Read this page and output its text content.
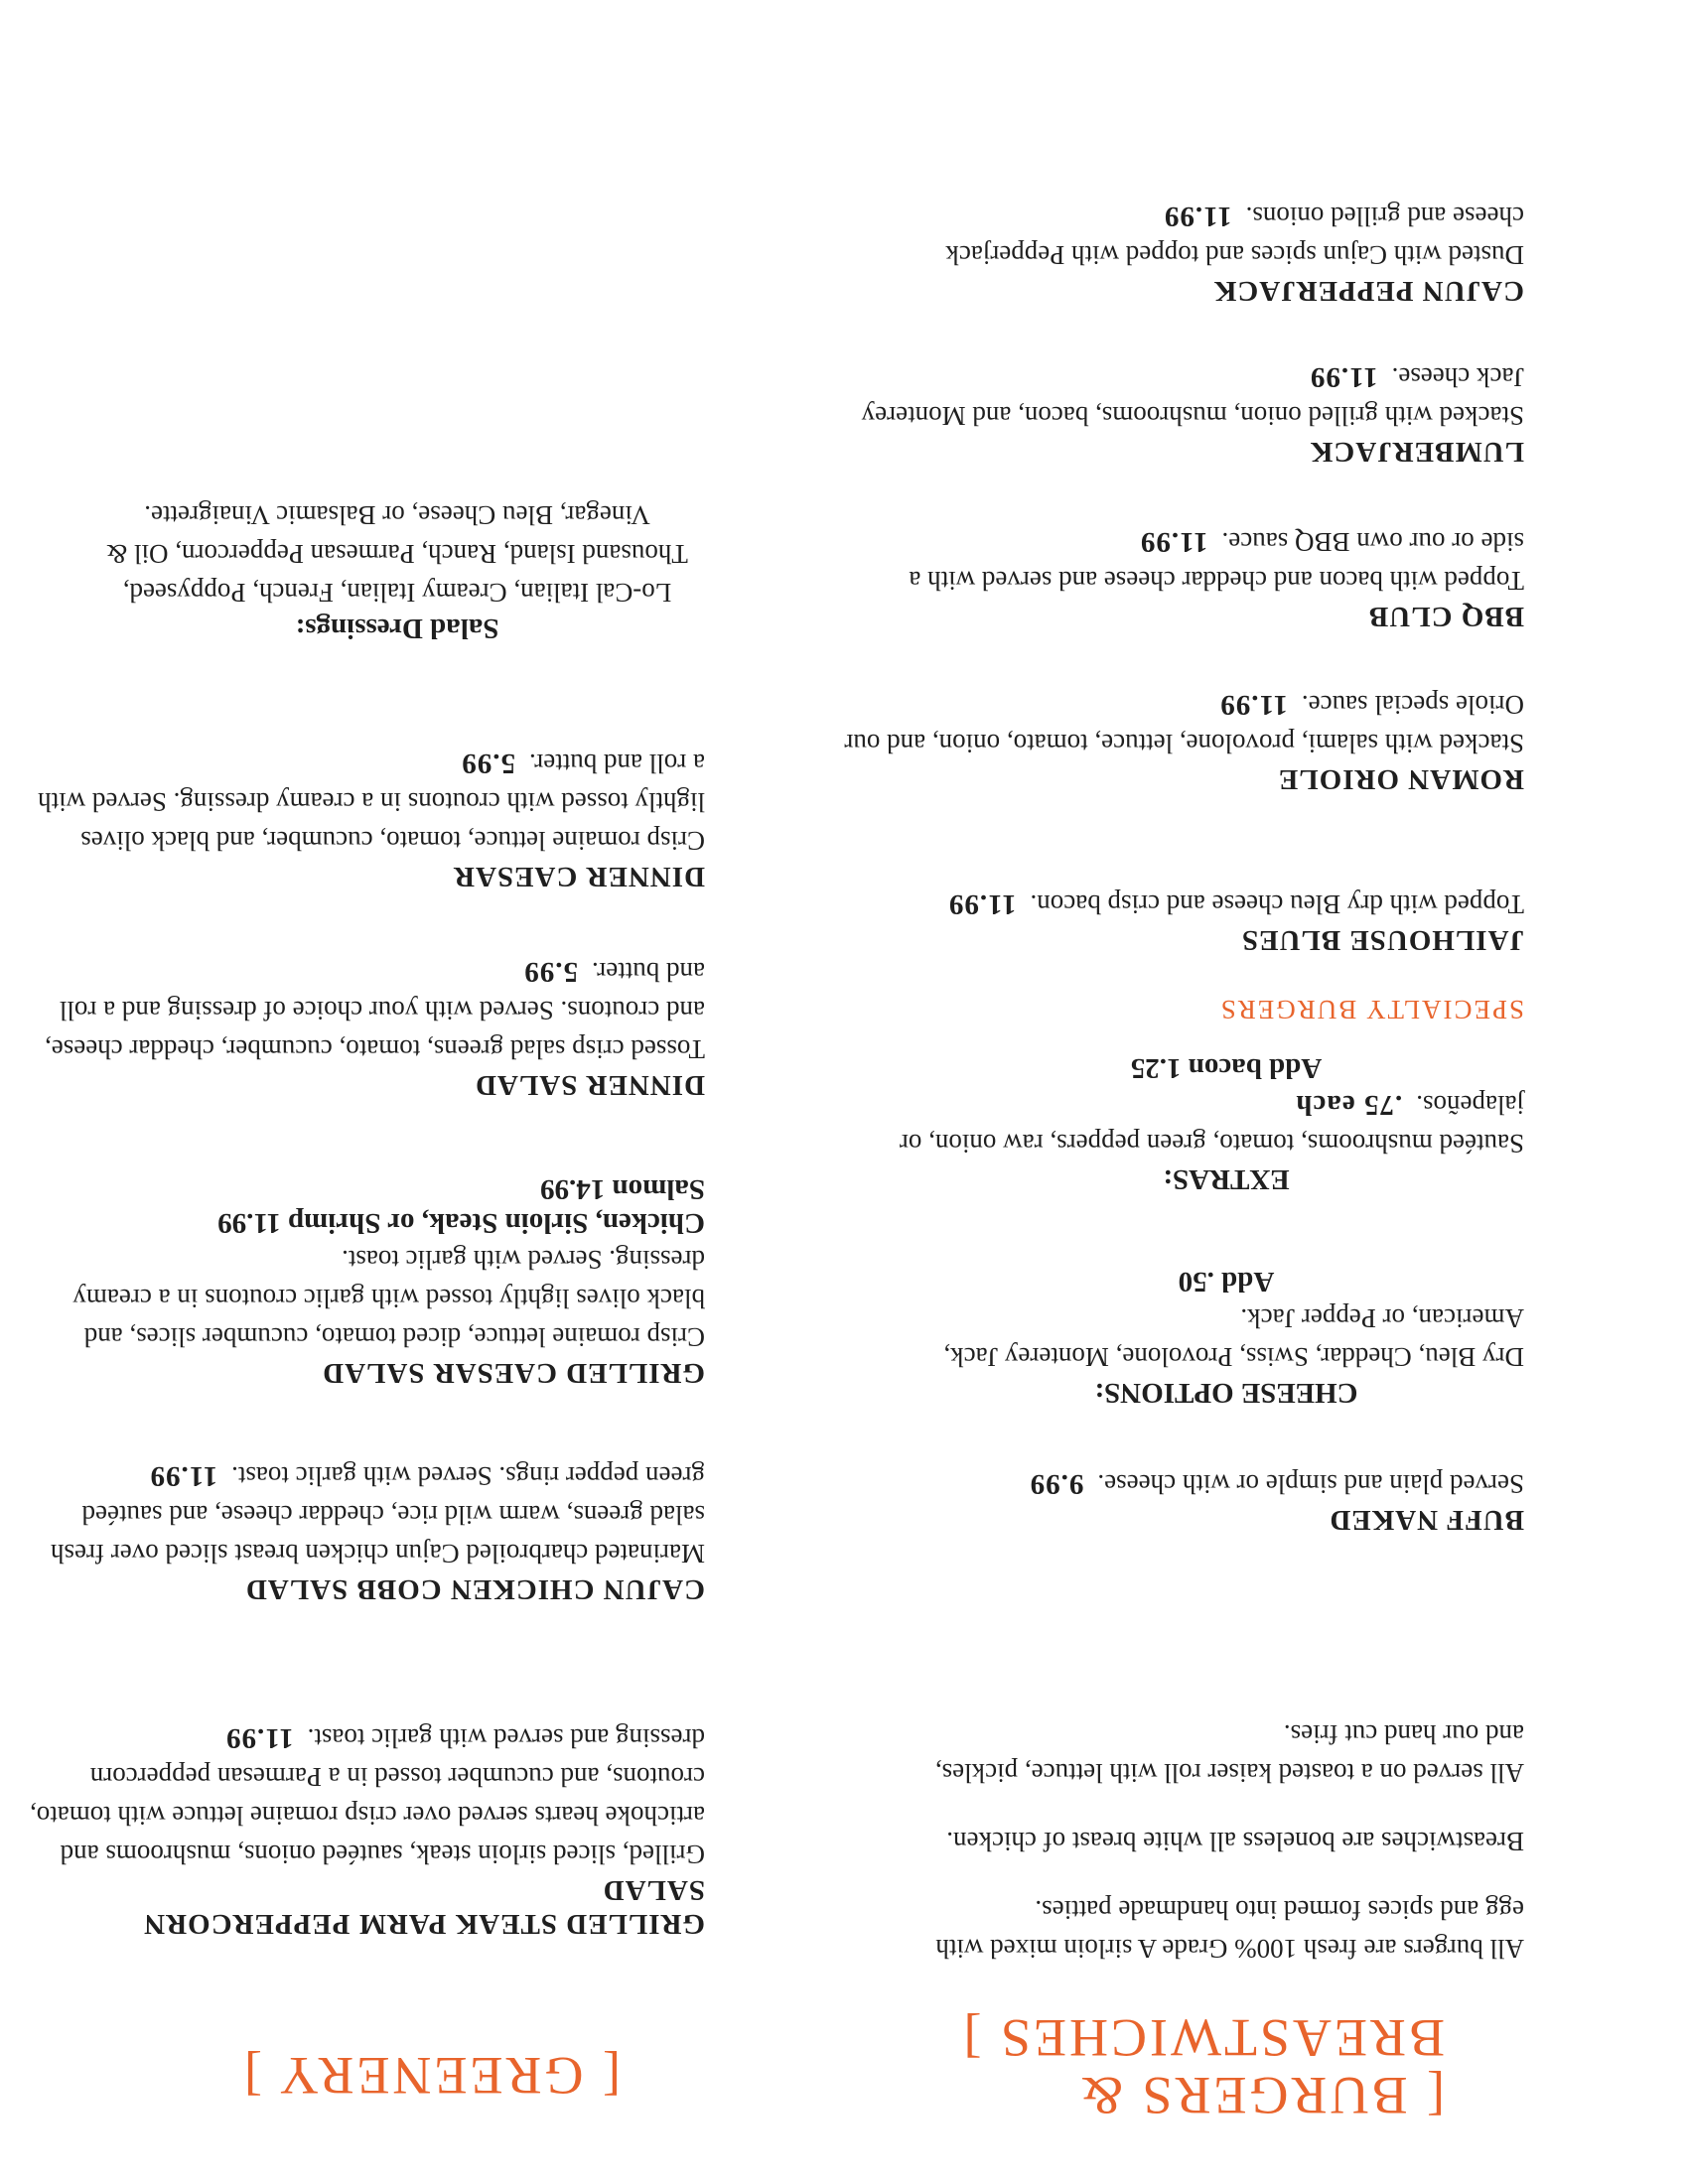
[ BURGERS &
BREASTWICHES ]
All burgers are fresh 100% Grade A sirloin mixed with egg and spices formed into handmade patties.
Breastwiches are boneless all white breast of chicken.
All served on a toasted kaiser roll with lettuce, pickles, and our hand cut fries.
BUFF NAKED
Served plain and simple or with cheese.9.99
CHEESE OPTIONS:
Dry Bleu, Cheddar, Swiss, Provolone, Monterey Jack, American, or Pepper Jack.
Add .50
EXTRAS:
Sautéed mushrooms, tomato, green peppers, raw onion, or jalapeños..75 each
Add bacon 1.25
SPECIALTY BURGERS
JAILHOUSE BLUES
Topped with dry Bleu cheese and crisp bacon.11.99
ROMAN ORIOLE
Stacked with salami, provolone, lettuce, tomato, onion, and our Oriole special sauce.11.99
BBQ CLUB
Topped with bacon and cheddar cheese and served with a side or our own BBQ sauce.11.99
LUMBERJACK
Stacked with grilled onion, mushrooms, bacon, and Monterey Jack cheese.11.99
CAJUN PEPPERJACK
Dusted with Cajun spices and topped with Pepperjack cheese and grilled onions.11.99
[ GREENERY ]
GRILLED STEAK PARM PEPPERCORN SALAD
Grilled, sliced sirloin steak, sautéed onions, mushrooms and artichoke hearts served over crisp romaine lettuce with tomato, croutons, and cucumber tossed in a Parmesan peppercorn dressing and served with garlic toast.11.99
CAJUN CHICKEN COBB SALAD
Marinated charbroiled Cajun chicken breast sliced over fresh salad greens, warm wild rice, cheddar cheese, and sautéed green pepper rings. Served with garlic toast.11.99
GRILLED CAESAR SALAD
Crisp romaine lettuce, diced tomato, cucumber slices, and black olives lightly tossed with garlic croutons in a creamy dressing. Served with garlic toast.
Chicken, Sirloin Steak, or Shrimp 11.99
Salmon 14.99
DINNER SALAD
Tossed crisp salad greens, tomato, cucumber, cheddar cheese, and croutons. Served with your choice of dressing and a roll and butter.5.99
DINNER CAESAR
Crisp romaine lettuce, tomato, cucumber, and black olives lightly tossed with croutons in a creamy dressing. Served with a roll and butter.5.99
Salad Dressings:
Lo-Cal Italian, Creamy Italian, French, Poppyseed, Thousand Island, Ranch, Parmesan Peppercorn, Oil & Vinegar, Bleu Cheese, or Balsamic Vinaigrette.
